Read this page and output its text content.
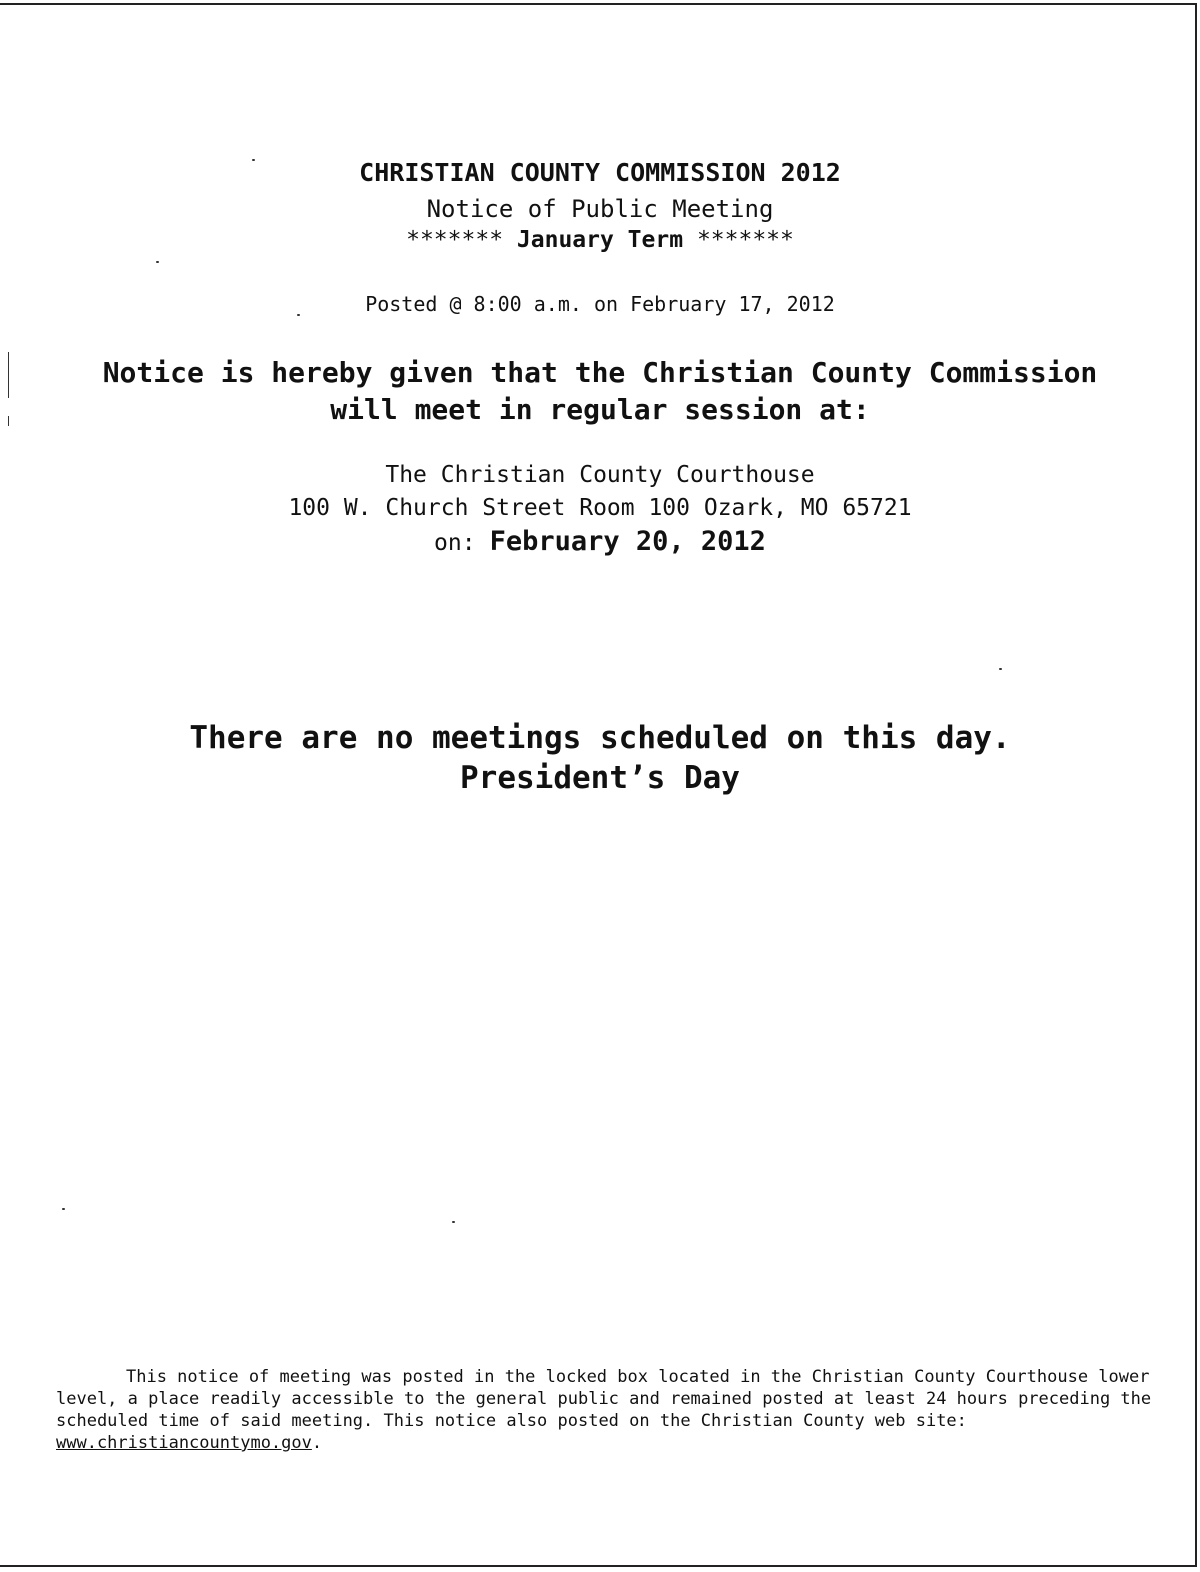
CHRISTIAN COUNTY COMMISSION 2012
Notice of Public Meeting
******* January Term *******
Posted @ 8:00 a.m. on February 17, 2012
Notice is hereby given that the Christian County Commission
will meet in regular session at:
The Christian County Courthouse
100 W. Church Street Room 100 Ozark, MO 65721
on: February 20, 2012
There are no meetings scheduled on this day.
President’s Day
This notice of meeting was posted in the locked box located in the Christian County Courthouse lower level, a place readily accessible to the general public and remained posted at least 24 hours preceding the scheduled time of said meeting. This notice also posted on the Christian County web site: www.christiancountymo.gov.
